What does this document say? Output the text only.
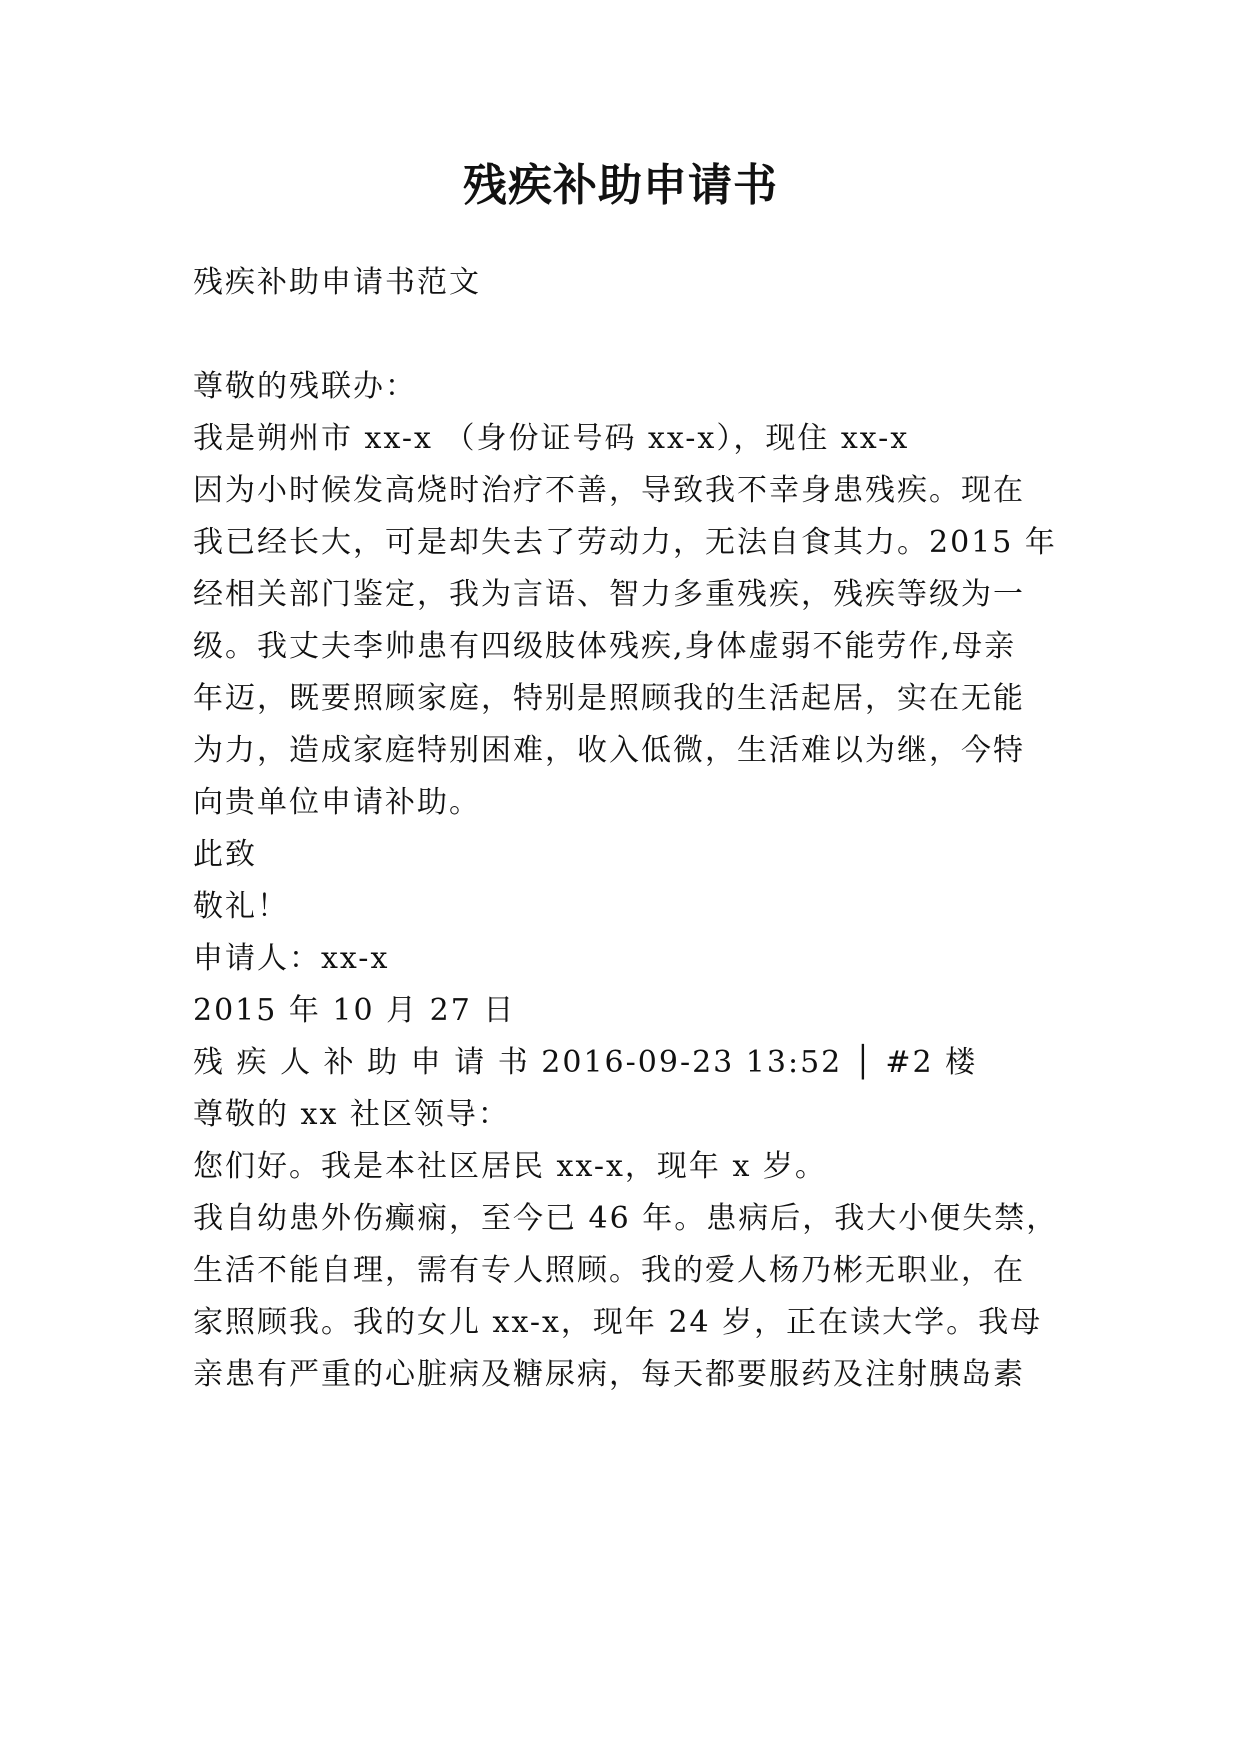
残疾补助申请书
残疾补助申请书范文
尊敬的残联办：
我是朔州市 xx-x （身份证号码 xx-x），现住 xx-x
因为小时候发高烧时治疗不善，导致我不幸身患残疾。现在
我已经长大，可是却失去了劳动力，无法自食其力。2015 年
经相关部门鉴定，我为言语、智力多重残疾，残疾等级为一
级。我丈夫李帅患有四级肢体残疾,身体虚弱不能劳作,母亲
年迈，既要照顾家庭，特别是照顾我的生活起居，实在无能
为力，造成家庭特别困难，收入低微，生活难以为继，今特
向贵单位申请补助。
此致
敬礼！
申请人：xx-x
2015 年 10 月 27 日
残 疾 人 补 助 申 请 书 2016-09-23 13:52 │ #2 楼
尊敬的 xx 社区领导：
您们好。我是本社区居民 xx-x，现年 x 岁。
我自幼患外伤癫痫，至今已 46 年。患病后，我大小便失禁，
生活不能自理，需有专人照顾。我的爱人杨乃彬无职业，在
家照顾我。我的女儿 xx-x，现年 24 岁，正在读大学。我母
亲患有严重的心脏病及糖尿病，每天都要服药及注射胰岛素
